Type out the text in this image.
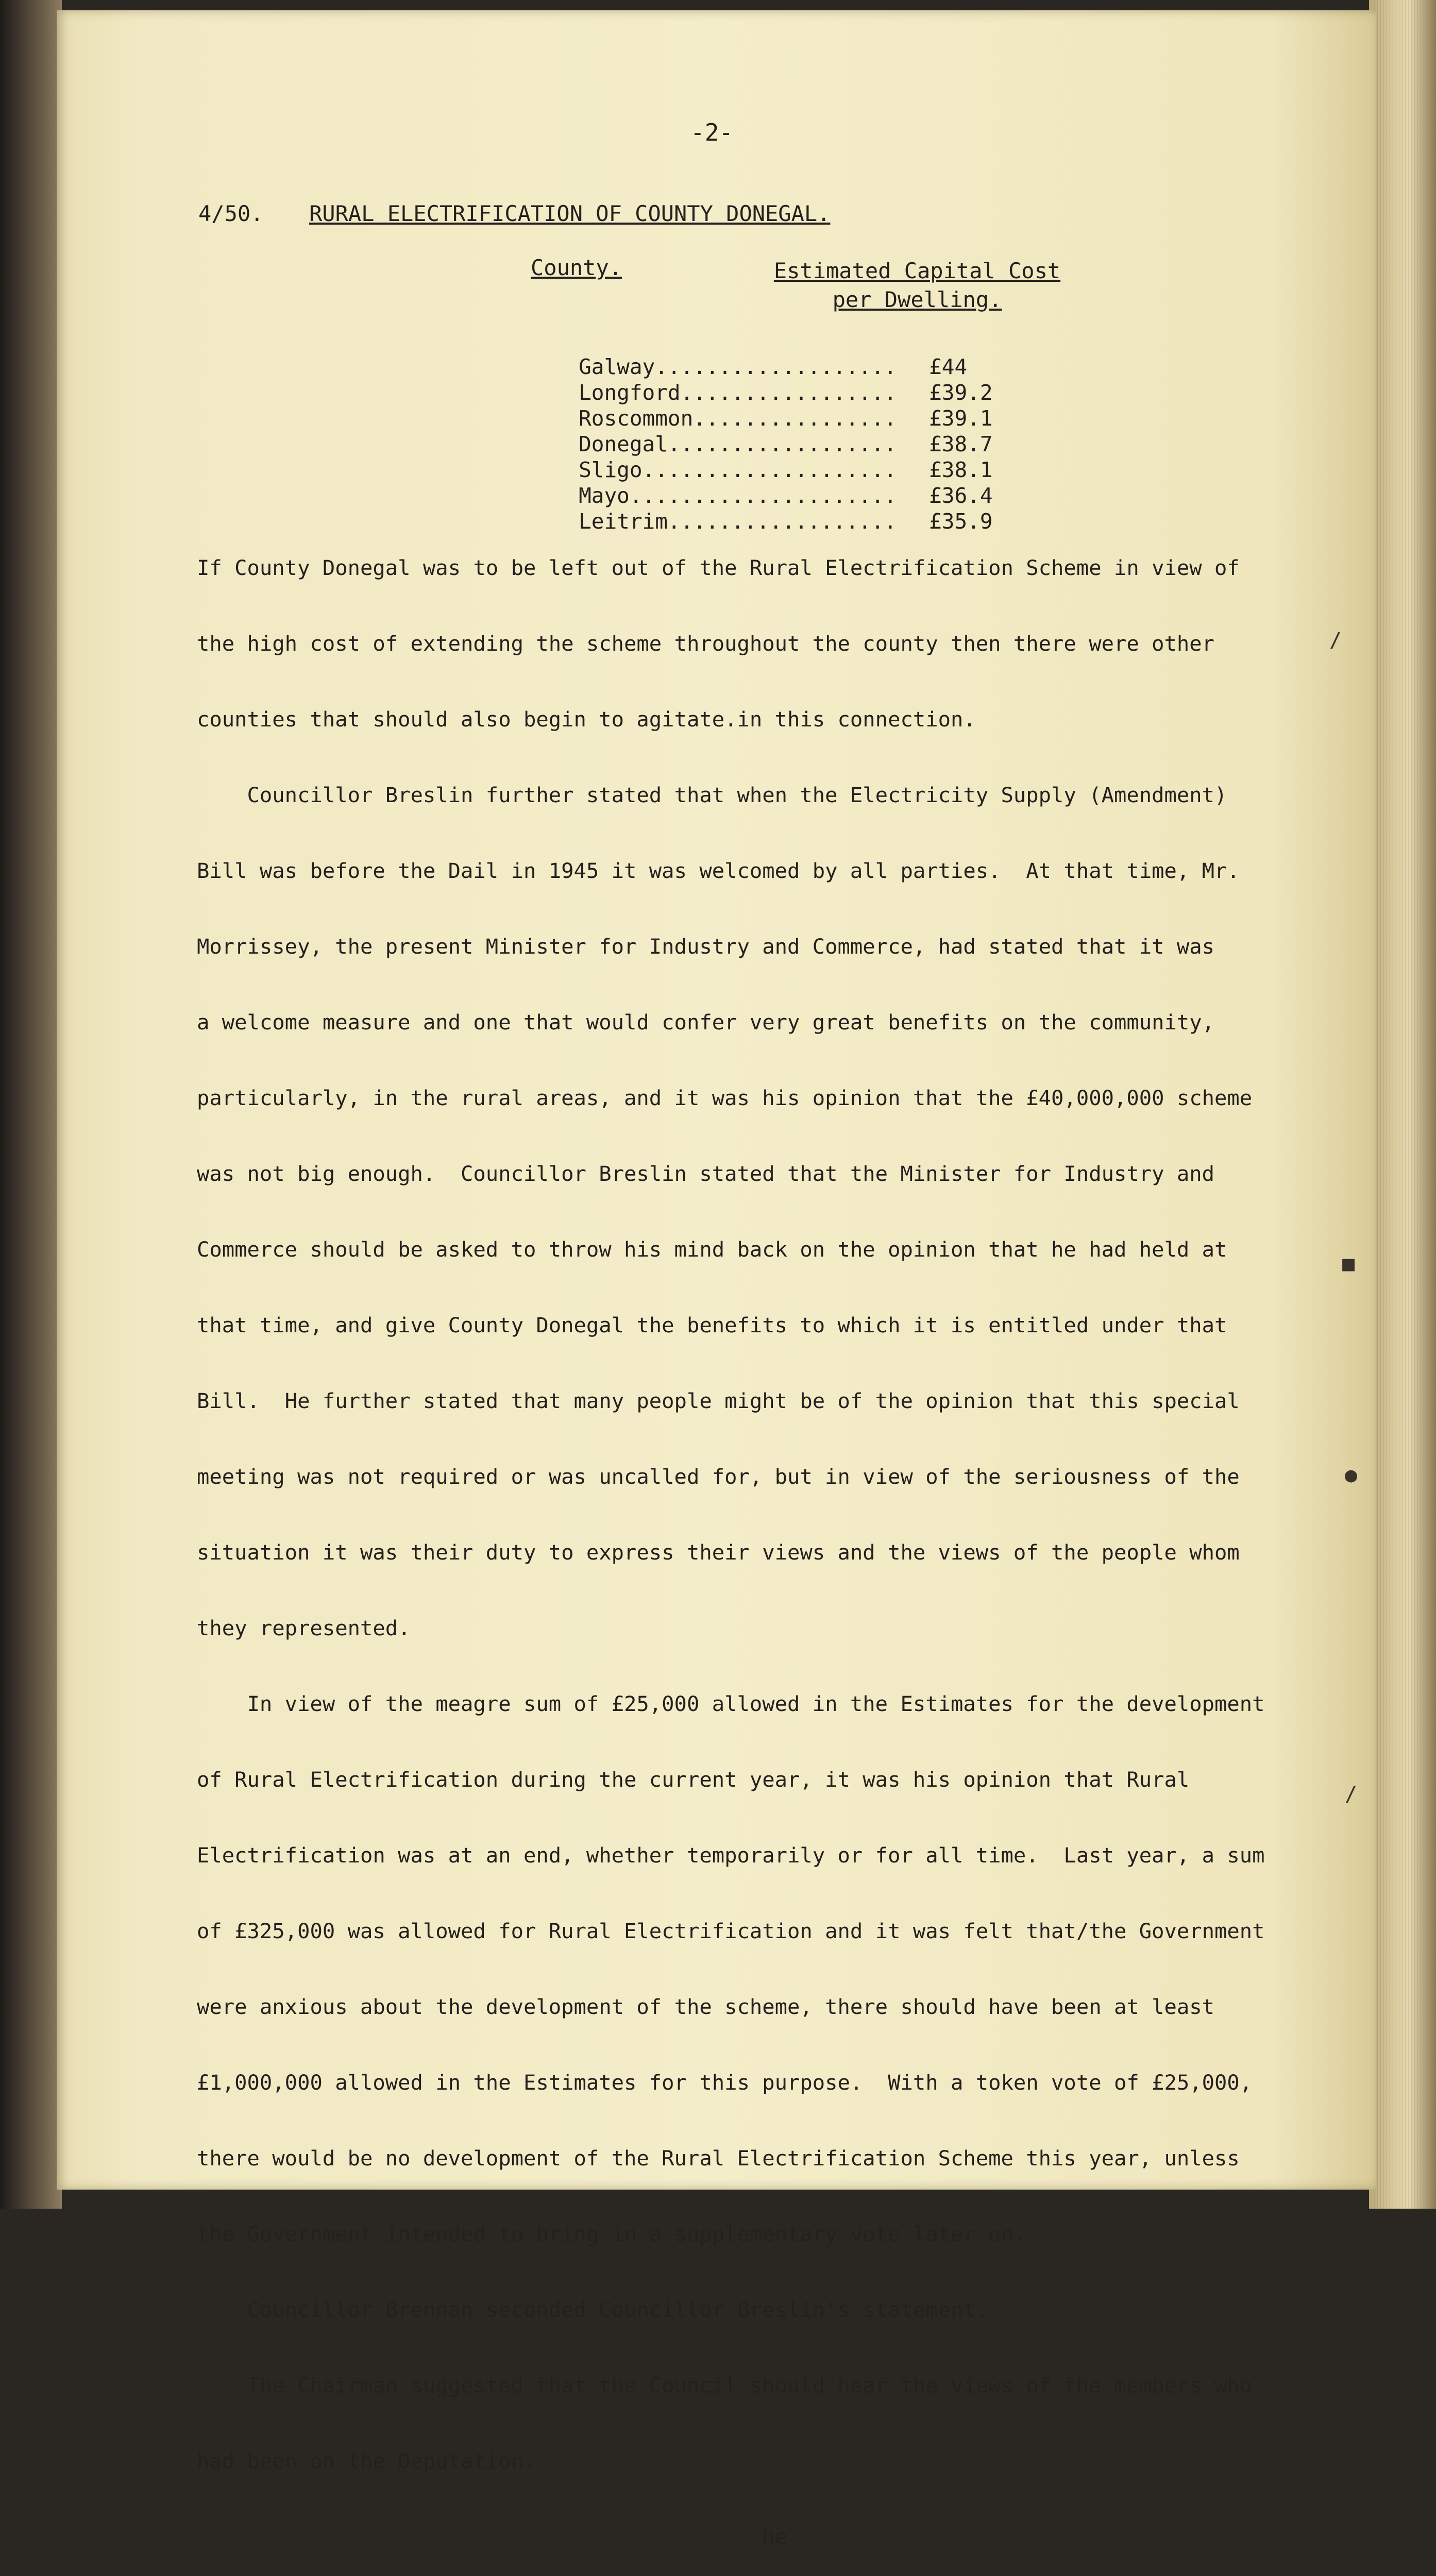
-2-
4/50. RURAL ELECTRIFICATION OF COUNTY DONEGAL.
County.	Estimated Capital Cost
per Dwelling.

Galway................... £44

Longford................. £39.2

Roscommon................ £39.1

Donegal.................. £38.7

Sligo.................... £38.1

Mayo..................... £36.4

Leitrim.................. £35.9

If County Donegal was to be left out of the Rural Electrification Scheme in view of

the high cost of extending the scheme throughout the county then there were other

counties that should also begin to agitate.in this connection.

Councillor Breslin further stated that when the Electricity Supply (Amendment)

Bill was before the Dail in 1945 it was welcomed by all parties.  At that time, Mr.

Morrissey, the present Minister for Industry and Commerce, had stated that it was

a welcome measure and one that would confer very great benefits on the community,

particularly, in the rural areas, and it was his opinion that the £40,000,000 scheme

was not big enough.  Councillor Breslin stated that the Minister for Industry and

Commerce should be asked to throw his mind back on the opinion that he had held at

that time, and give County Donegal the benefits to which it is entitled under that

Bill.  He further stated that many people might be of the opinion that this special

meeting was not required or was uncalled for, but in view of the seriousness of the

situation it was their duty to express their views and the views of the people whom

they represented.

In view of the meagre sum of £25,000 allowed in the Estimates for the development

of Rural Electrification during the current year, it was his opinion that Rural

Electrification was at an end, whether temporarily or for all time.  Last year, a sum

of £325,000 was allowed for Rural Electrification and it was felt that/the Government

were anxious about the development of the scheme, there should have been at least

£1,000,000 allowed in the Estimates for this purpose.  With a token vote of £25,000,

there would be no development of the Rural Electrification Scheme this year, unless

the Government intended to bring in a supplementary vote later on.

Councillor Brennan seconded Councillor Breslin's statement.

The Chairman suggested that the Council should hear the views of the members who

had been on the Deputation.

he

/
■
●
/
